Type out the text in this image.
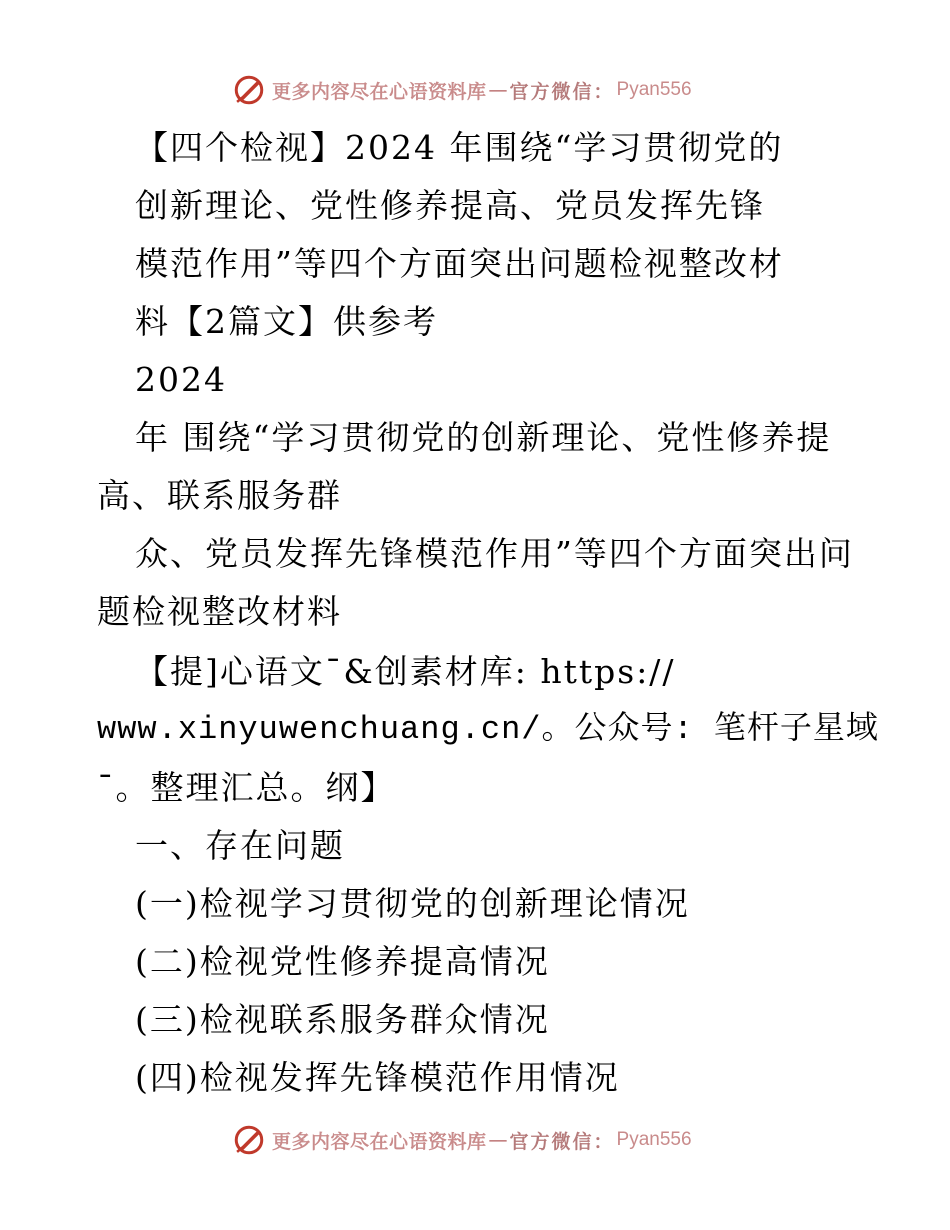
更多内容尽在心语资料库 — 官方微信： Pyan556
【四个检视】2024 年围绕“学习贯彻党的
创新理论、党性修养提高、党员发挥先锋
模范作用”等四个方面突出问题检视整改材
料【2篇文】供参考
2024
年 围绕“学习贯彻党的创新理论、党性修养提
高、联系服务群
众、党员发挥先锋模范作用”等四个方面突出问
题检视整改材料
【提]心语文¯&创素材库: https://
www.xinyuwenchuang.cn/。公众号: 笔杆子星域
¯。整理汇总。纲】
一、存在问题
(一)检视学习贯彻党的创新理论情况
(二)检视党性修养提高情况
(三)检视联系服务群众情况
(四)检视发挥先锋模范作用情况
更多内容尽在心语资料库 — 官方微信： Pyan556
